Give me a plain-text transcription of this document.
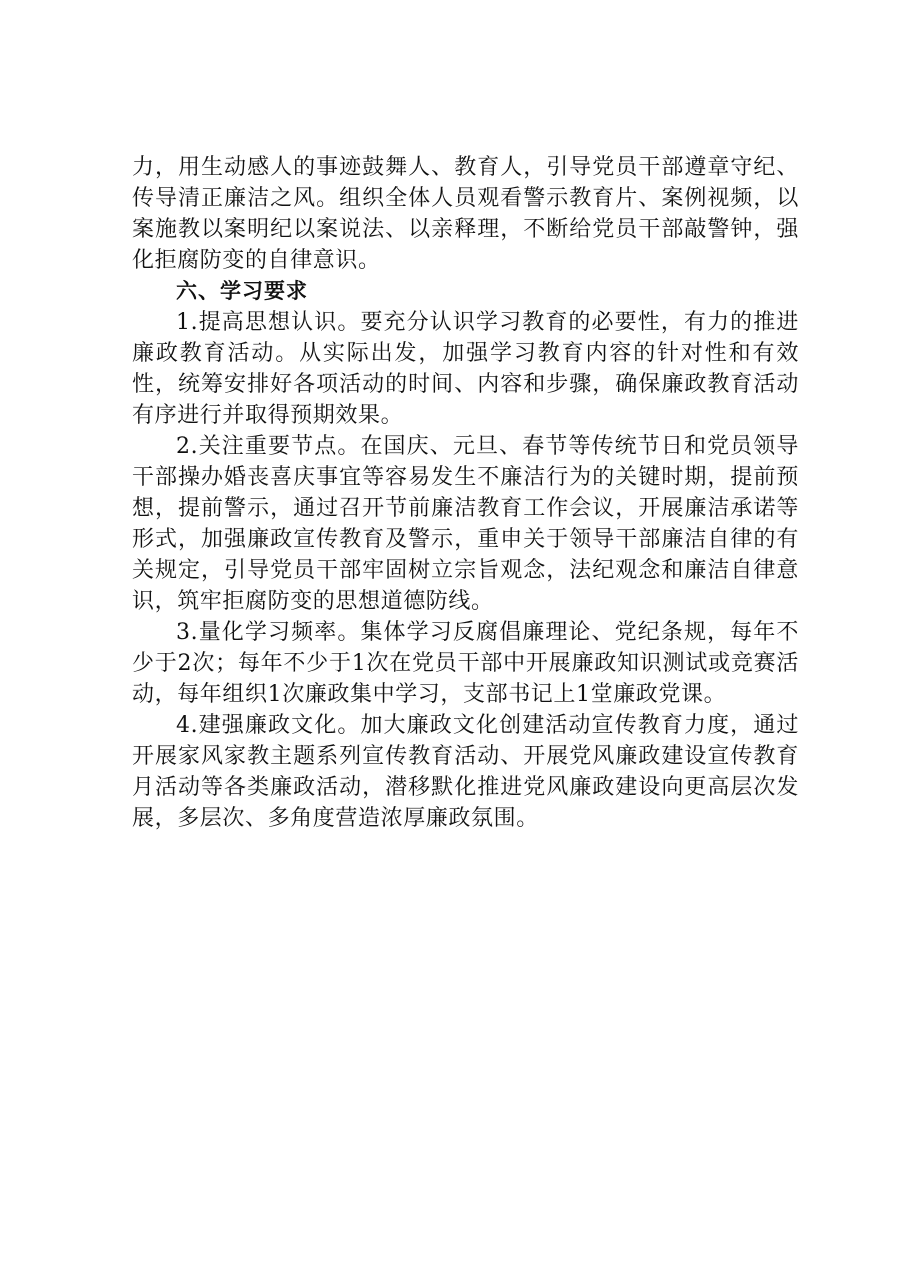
力，用生动感人的事迹鼓舞人、教育人，引导党员干部遵章守纪、传导清正廉洁之风。组织全体人员观看警示教育片、案例视频，以案施教以案明纪以案说法、以亲释理，不断给党员干部敲警钟，强化拒腐防变的自律意识。

六、学习要求

1.提高思想认识。要充分认识学习教育的必要性，有力的推进廉政教育活动。从实际出发，加强学习教育内容的针对性和有效性，统筹安排好各项活动的时间、内容和步骤，确保廉政教育活动有序进行并取得预期效果。

2.关注重要节点。在国庆、元旦、春节等传统节日和党员领导干部操办婚丧喜庆事宜等容易发生不廉洁行为的关键时期，提前预想，提前警示，通过召开节前廉洁教育工作会议，开展廉洁承诺等形式，加强廉政宣传教育及警示，重申关于领导干部廉洁自律的有关规定，引导党员干部牢固树立宗旨观念，法纪观念和廉洁自律意识，筑牢拒腐防变的思想道德防线。

3.量化学习频率。集体学习反腐倡廉理论、党纪条规，每年不少于2次；每年不少于1次在党员干部中开展廉政知识测试或竞赛活动，每年组织1次廉政集中学习，支部书记上1堂廉政党课。

4.建强廉政文化。加大廉政文化创建活动宣传教育力度，通过开展家风家教主题系列宣传教育活动、开展党风廉政建设宣传教育月活动等各类廉政活动，潜移默化推进党风廉政建设向更高层次发展，多层次、多角度营造浓厚廉政氛围。
